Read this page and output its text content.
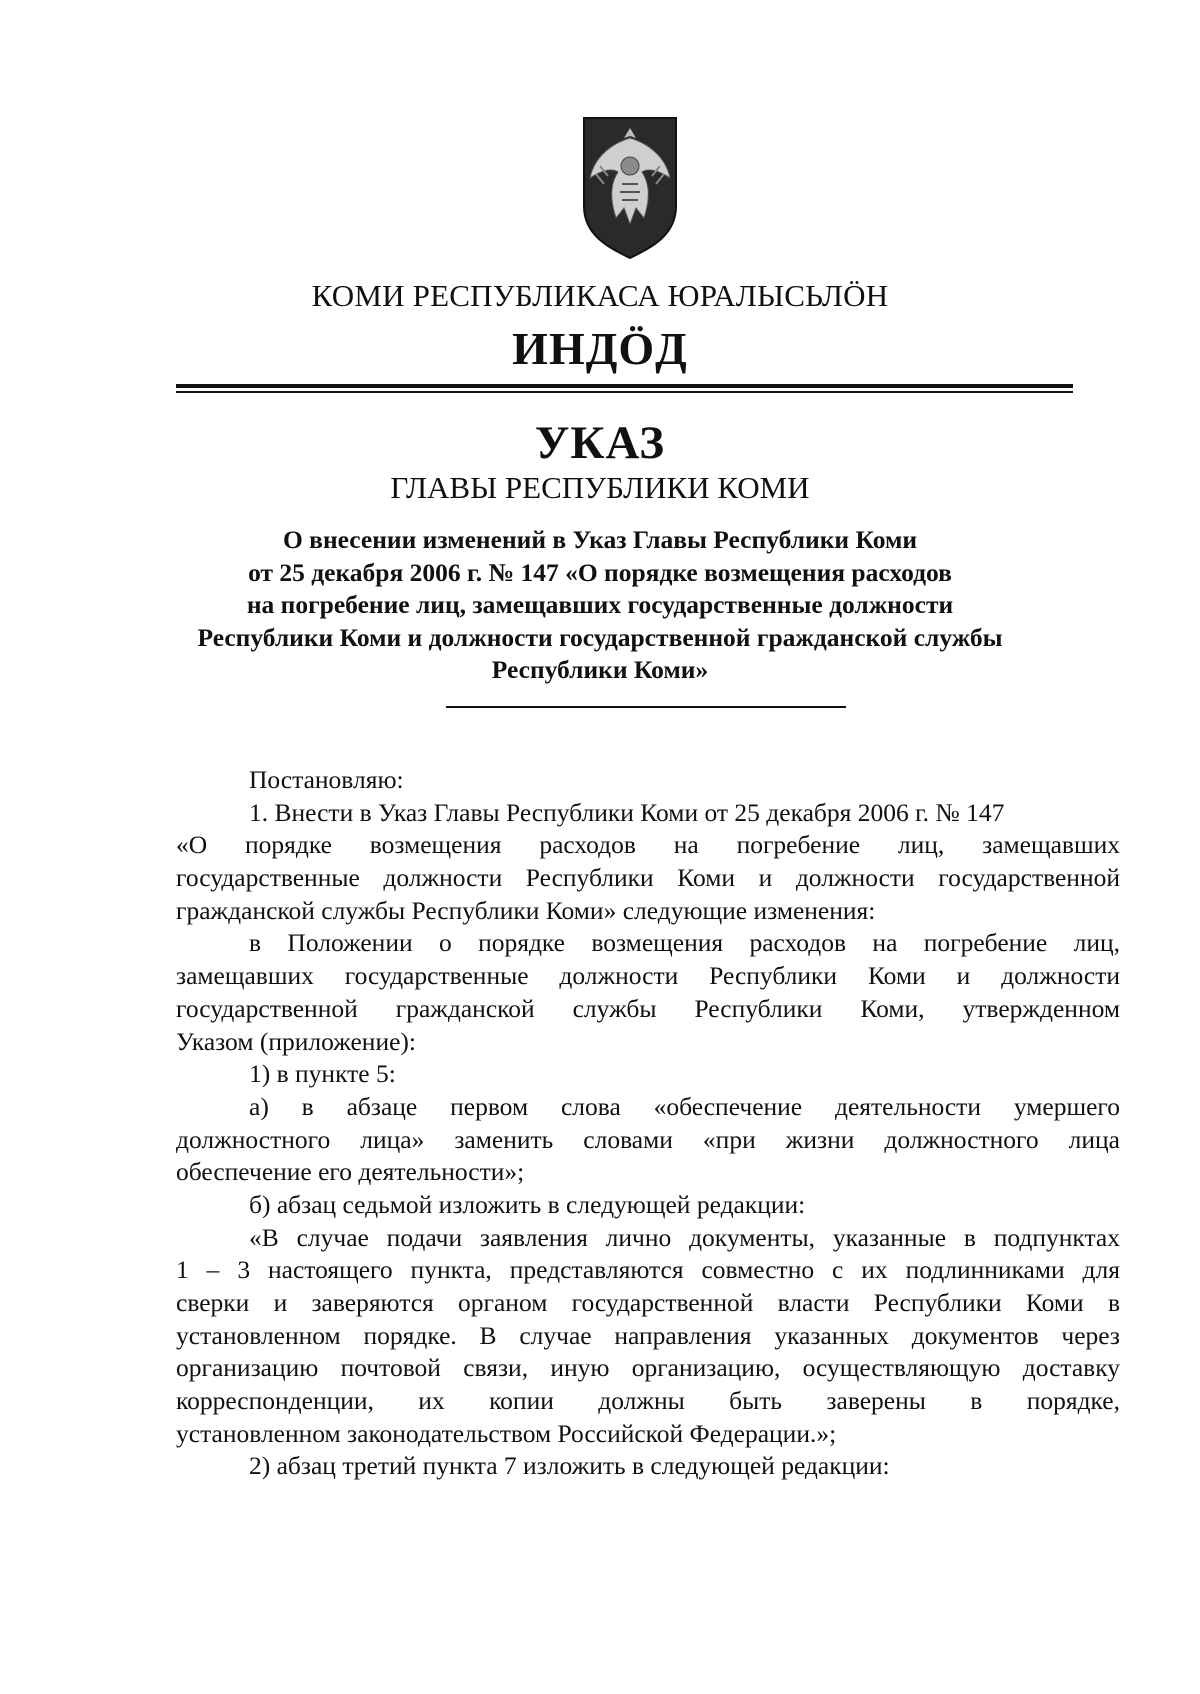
КОМИ РЕСПУБЛИКАСА ЮРАЛЫСЬЛÖН
ИНДÖД
УКАЗ
ГЛАВЫ РЕСПУБЛИКИ КОМИ
О внесении изменений в Указ Главы Республики Коми
от 25 декабря 2006 г. № 147 «О порядке возмещения расходов
на погребение лиц, замещавших государственные должности
Республики Коми и должности государственной гражданской службы
Республики Коми»
Постановляю:
1. Внести в Указ Главы Республики Коми от 25 декабря 2006 г. № 147
«О порядке возмещения расходов на погребение лиц, замещавших
государственные должности Республики Коми и должности государственной
гражданской службы Республики Коми» следующие изменения:
в Положении о порядке возмещения расходов на погребение лиц,
замещавших государственные должности Республики Коми и должности
государственной гражданской службы Республики Коми, утвержденном
Указом (приложение):
1) в пункте 5:
а) в абзаце первом слова «обеспечение деятельности умершего
должностного лица» заменить словами «при жизни должностного лица
обеспечение его деятельности»;
б) абзац седьмой изложить в следующей редакции:
«В случае подачи заявления лично документы, указанные в подпунктах
1 – 3 настоящего пункта, представляются совместно с их подлинниками для
сверки и заверяются органом государственной власти Республики Коми в
установленном порядке. В случае направления указанных документов через
организацию почтовой связи, иную организацию, осуществляющую доставку
корреспонденции, их копии должны быть заверены в порядке,
установленном законодательством Российской Федерации.»;
2) абзац третий пункта 7 изложить в следующей редакции:
